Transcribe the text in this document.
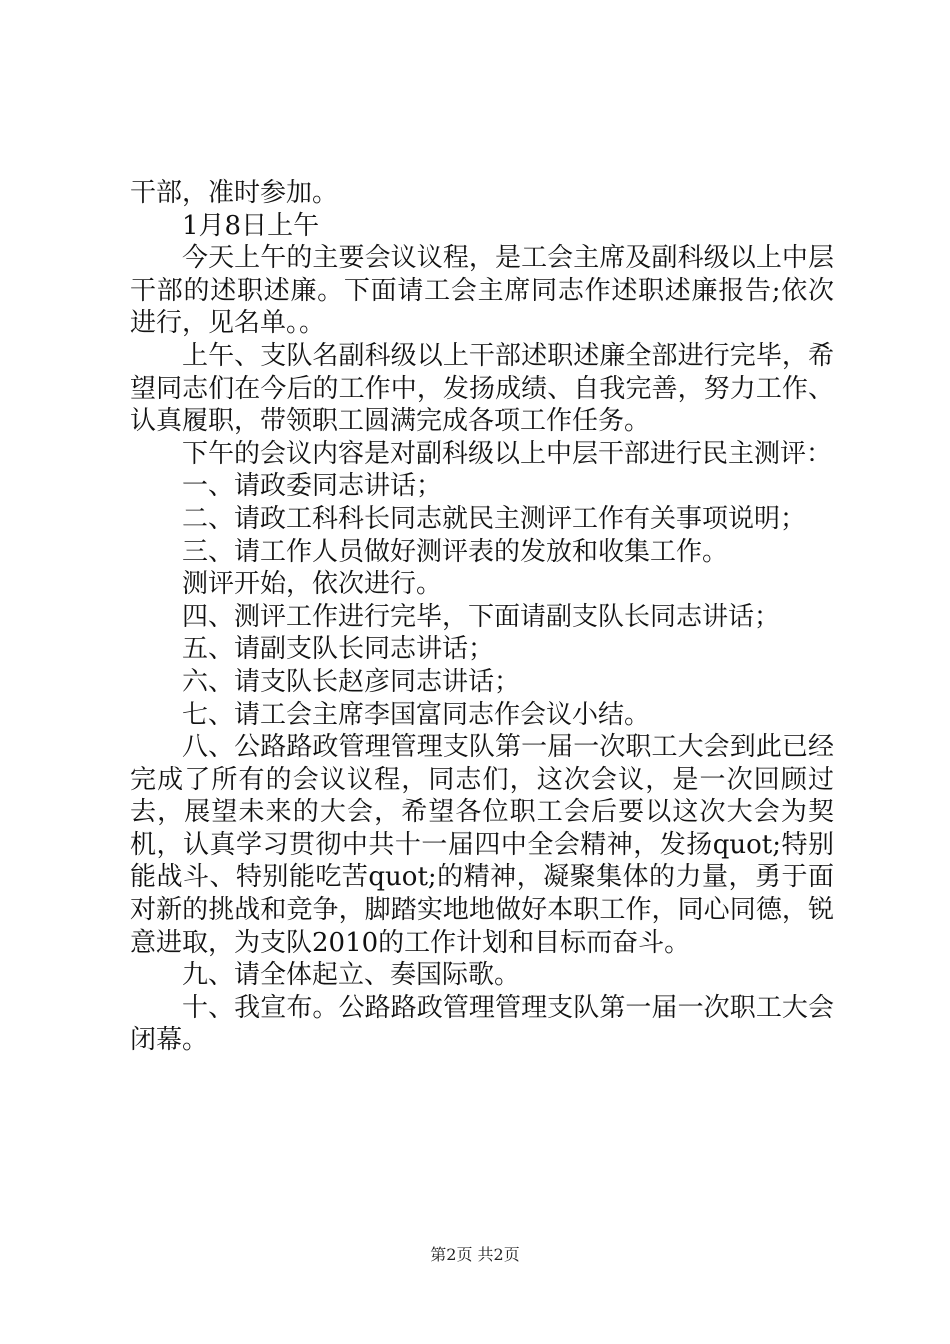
干部，准时参加。

1月8日上午

今天上午的主要会议议程，是工会主席及副科级以上中层干部的述职述廉。下面请工会主席同志作述职述廉报告;依次进行，见名单。。

上午、支队名副科级以上干部述职述廉全部进行完毕，希望同志们在今后的工作中，发扬成绩、自我完善，努力工作、认真履职，带领职工圆满完成各项工作任务。

下午的会议内容是对副科级以上中层干部进行民主测评：

一、请政委同志讲话；

二、请政工科科长同志就民主测评工作有关事项说明；

三、请工作人员做好测评表的发放和收集工作。

测评开始，依次进行。

四、测评工作进行完毕，下面请副支队长同志讲话；

五、请副支队长同志讲话；

六、请支队长赵彦同志讲话；

七、请工会主席李国富同志作会议小结。

八、公路路政管理管理支队第一届一次职工大会到此已经完成了所有的会议议程，同志们，这次会议，是一次回顾过去，展望未来的大会，希望各位职工会后要以这次大会为契机，认真学习贯彻中共十一届四中全会精神，发扬quot;特别能战斗、特别能吃苦quot;的精神，凝聚集体的力量，勇于面对新的挑战和竞争，脚踏实地地做好本职工作，同心同德，锐意进取，为支队2010的工作计划和目标而奋斗。

九、请全体起立、奏国际歌。

十、我宣布。公路路政管理管理支队第一届一次职工大会闭幕。

第2页 共2页
